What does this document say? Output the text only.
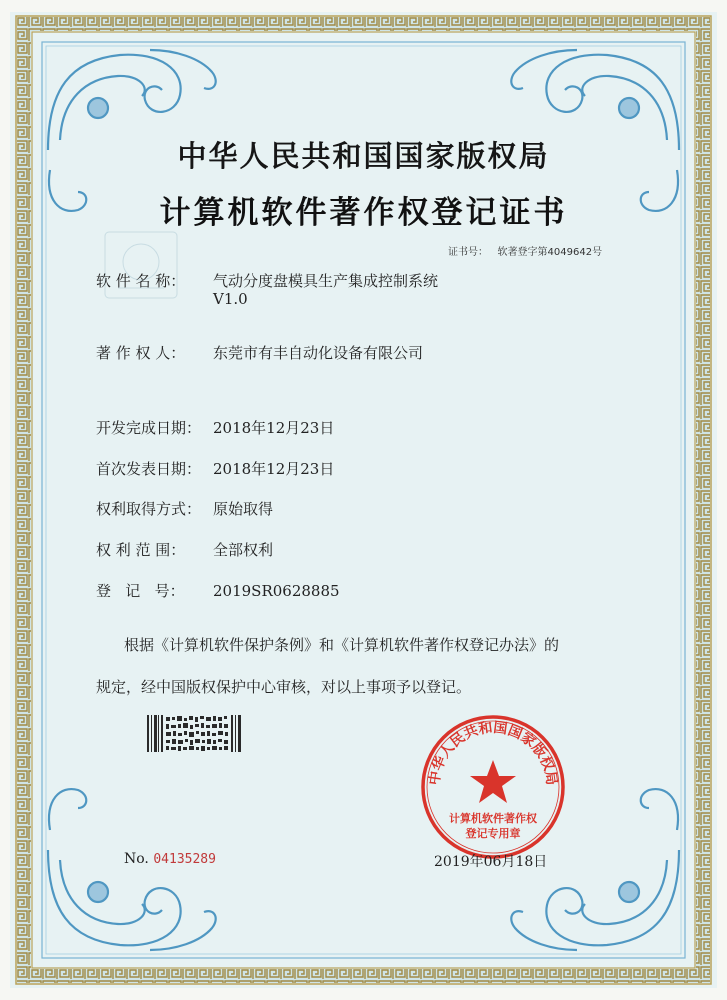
中华人民共和国国家版权局
计算机软件著作权登记证书
证书号： 软著登字第4049642号
软 件 名 称： 气动分度盘模具生产集成控制系统
V1.0
著 作 权 人： 东莞市有丰自动化设备有限公司
开发完成日期： 2018年12月23日
首次发表日期： 2018年12月23日
权利取得方式： 原始取得
权 利 范 围： 全部权利
登   记   号： 2019SR0628885
根据《计算机软件保护条例》和《计算机软件著作权登记办法》的
规定，经中国版权保护中心审核，对以上事项予以登记。
中华人民共和国国家版权局
计算机软件著作权
登记专用章
No. 04135289	2019年06月18日
